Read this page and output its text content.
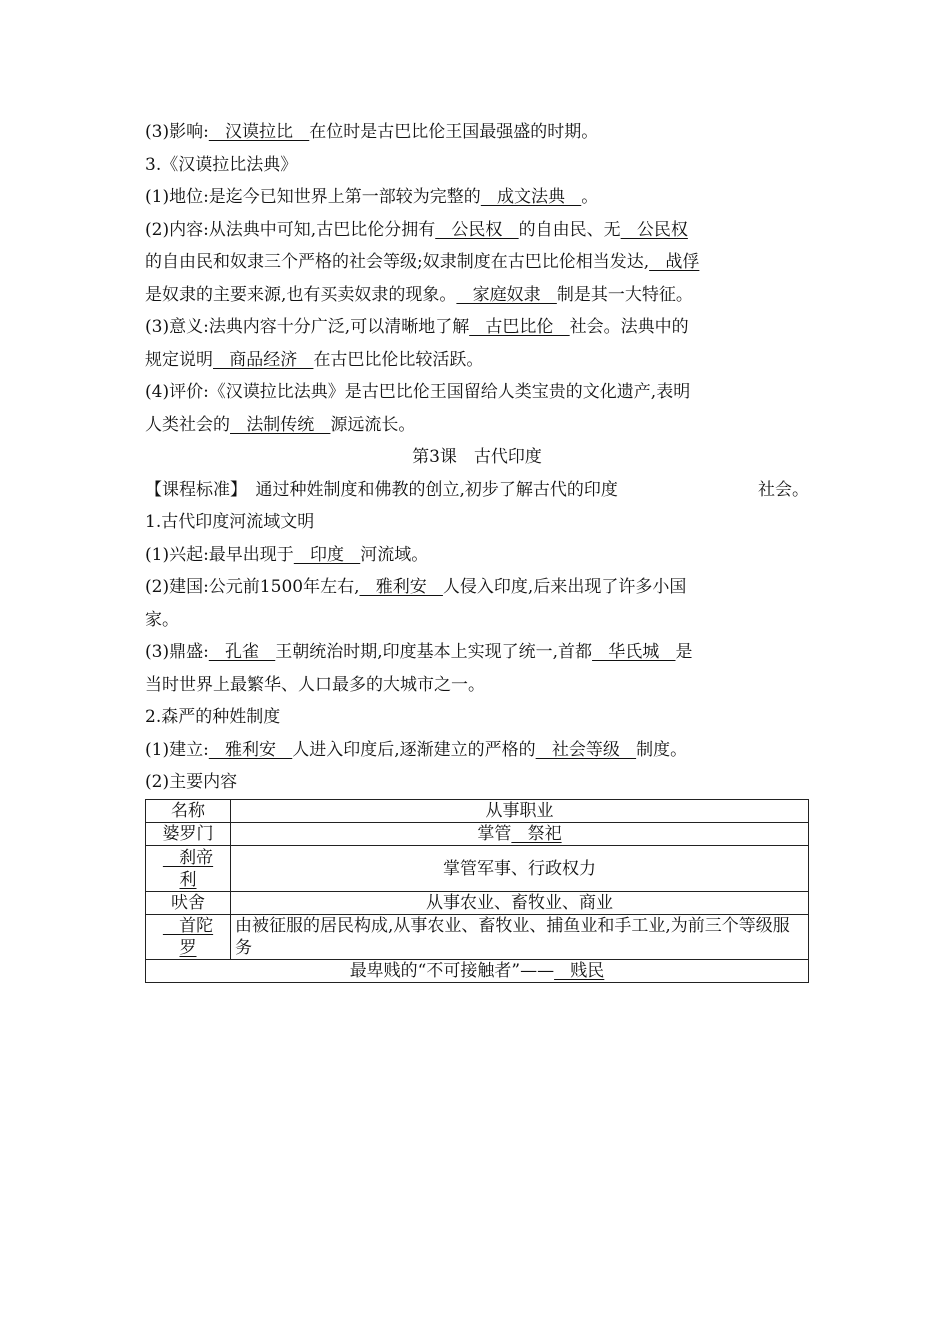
(3)影响:   汉谟拉比   在位时是古巴比伦王国最强盛的时期。
3.《汉谟拉比法典》
(1)地位:是迄今已知世界上第一部较为完整的   成文法典   。
(2)内容:从法典中可知,古巴比伦分拥有   公民权   的自由民、无   公民权
的自由民和奴隶三个严格的社会等级;奴隶制度在古巴比伦相当发达,   战俘
是奴隶的主要来源,也有买卖奴隶的现象。   家庭奴隶   制是其一大特征。
(3)意义:法典内容十分广泛,可以清晰地了解   古巴比伦   社会。法典中的
规定说明   商品经济   在古巴比伦比较活跃。
(4)评价:《汉谟拉比法典》是古巴比伦王国留给人类宝贵的文化遗产,表明
人类社会的   法制传统   源远流长。
第3课　古代印度
【课程标准】　通过种姓制度和佛教的创立,初步了解古代的印度	社会。
1.古代印度河流域文明
(1)兴起:最早出现于   印度   河流域。
(2)建国:公元前1500年左右,   雅利安   人侵入印度,后来出现了许多小国
家。
(3)鼎盛:   孔雀   王朝统治时期,印度基本上实现了统一,首都   华氏城   是
当时世界上最繁华、人口最多的大城市之一。
2.森严的种姓制度
(1)建立:   雅利安   人进入印度后,逐渐建立的严格的   社会等级   制度。
(2)主要内容
名称	从事职业
婆罗门	掌管   祭祀
刹帝
利	掌管军事、行政权力
吠舍	从事农业、畜牧业、商业
首陀
罗	由被征服的居民构成,从事农业、畜牧业、捕鱼业和手工业,为前三个等级服务
最卑贱的“不可接触者”——   贱民	
